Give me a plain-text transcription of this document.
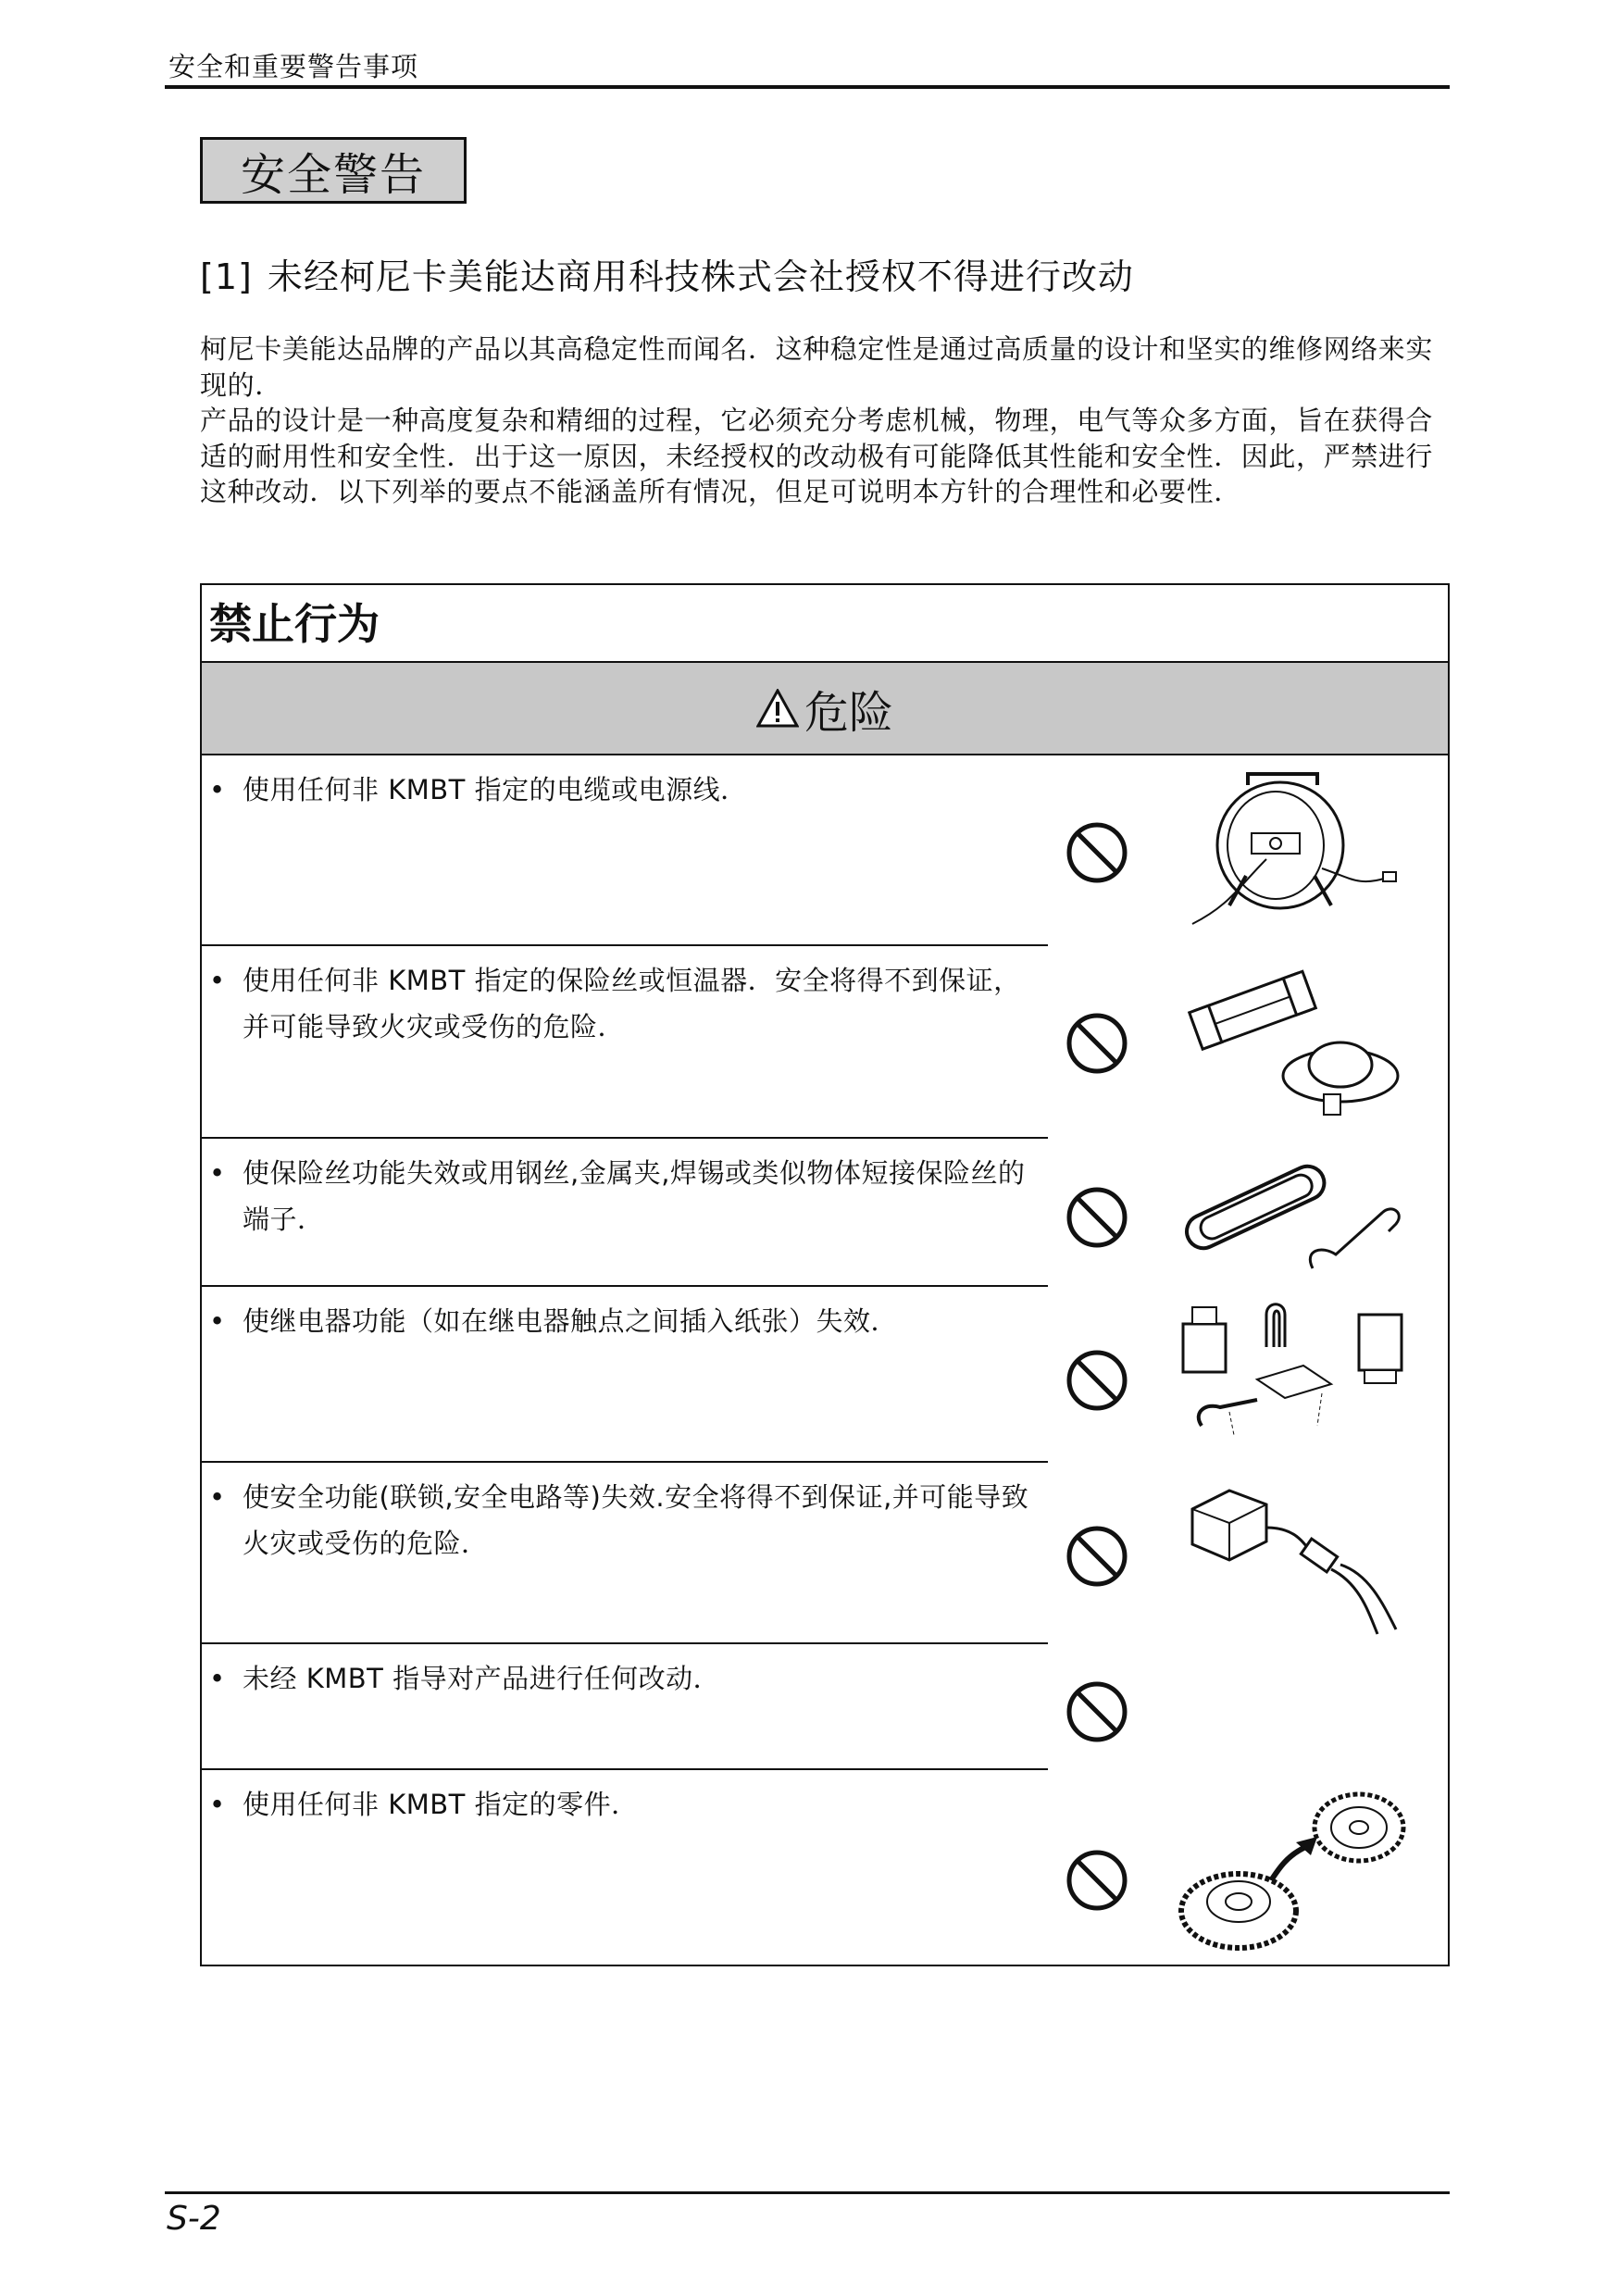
安全和重要警告事项
安全警告
[1] 未经柯尼卡美能达商用科技株式会社授权不得进行改动

柯尼卡美能达品牌的产品以其高稳定性而闻名．这种稳定性是通过高质量的设计和坚实的维修网络来实现的．

产品的设计是一种高度复杂和精细的过程，它必须充分考虑机械，物理，电气等众多方面，旨在获得合适的耐用性和安全性．出于这一原因，未经授权的改动极有可能降低其性能和安全性．因此，严禁进行这种改动．以下列举的要点不能涵盖所有情况，但足可说明本方针的合理性和必要性．

禁止行为
危险
• 使用任何非 KMBT 指定的电缆或电源线．
• 使用任何非 KMBT 指定的保险丝或恒温器．安全将得不到保证，并可能导致火灾或受伤的危险．
• 使保险丝功能失效或用钢丝,金属夹,焊锡或类似物体短接保险丝的端子．
• 使继电器功能（如在继电器触点之间插入纸张）失效．
• 使安全功能(联锁,安全电路等)失效.安全将得不到保证,并可能导致火灾或受伤的危险．
• 未经 KMBT 指导对产品进行任何改动．
• 使用任何非 KMBT 指定的零件．
S-2
